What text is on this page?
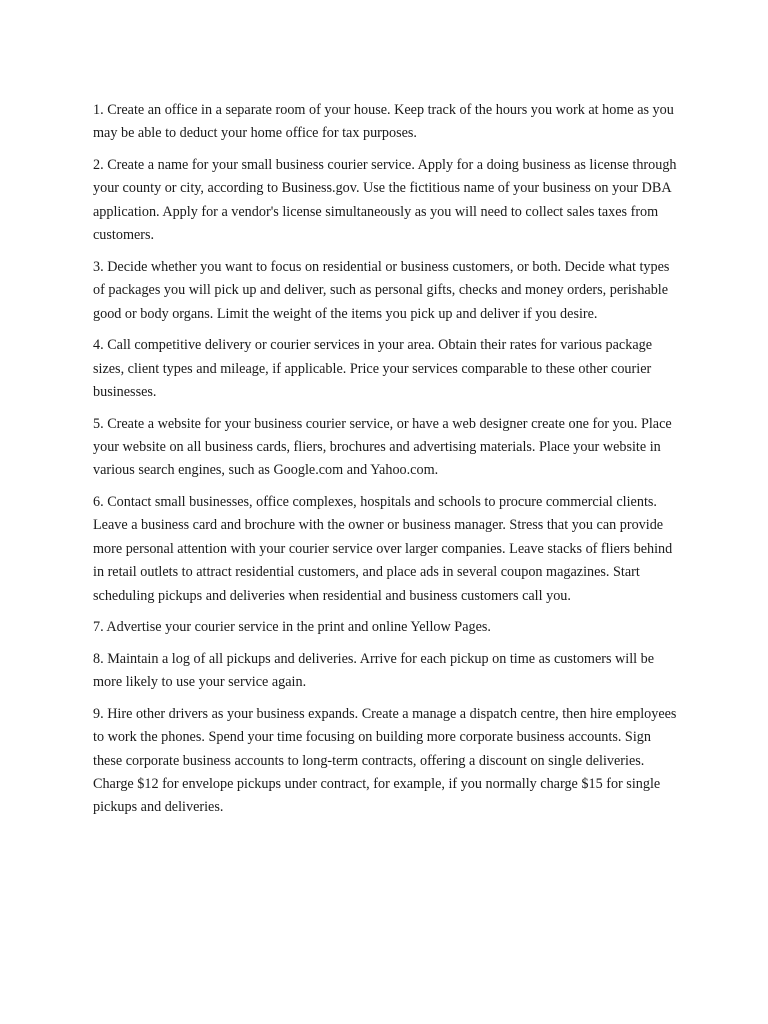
1. Create an office in a separate room of your house. Keep track of the hours you work at home as you may be able to deduct your home office for tax purposes.

2. Create a name for your small business courier service. Apply for a doing business as license through your county or city, according to Business.gov. Use the fictitious name of your business on your DBA application. Apply for a vendor's license simultaneously as you will need to collect sales taxes from customers.

3. Decide whether you want to focus on residential or business customers, or both. Decide what types of packages you will pick up and deliver, such as personal gifts, checks and money orders, perishable good or body organs. Limit the weight of the items you pick up and deliver if you desire.

4. Call competitive delivery or courier services in your area. Obtain their rates for various package sizes, client types and mileage, if applicable. Price your services comparable to these other courier businesses.

5. Create a website for your business courier service, or have a web designer create one for you. Place your website on all business cards, fliers, brochures and advertising materials. Place your website in various search engines, such as Google.com and Yahoo.com.

6. Contact small businesses, office complexes, hospitals and schools to procure commercial clients. Leave a business card and brochure with the owner or business manager. Stress that you can provide more personal attention with your courier service over larger companies. Leave stacks of fliers behind in retail outlets to attract residential customers, and place ads in several coupon magazines. Start scheduling pickups and deliveries when residential and business customers call you.

7. Advertise your courier service in the print and online Yellow Pages.

8. Maintain a log of all pickups and deliveries. Arrive for each pickup on time as customers will be more likely to use your service again.

9. Hire other drivers as your business expands. Create a manage a dispatch centre, then hire employees to work the phones. Spend your time focusing on building more corporate business accounts. Sign these corporate business accounts to long-term contracts, offering a discount on single deliveries. Charge $12 for envelope pickups under contract, for example, if you normally charge $15 for single pickups and deliveries.
